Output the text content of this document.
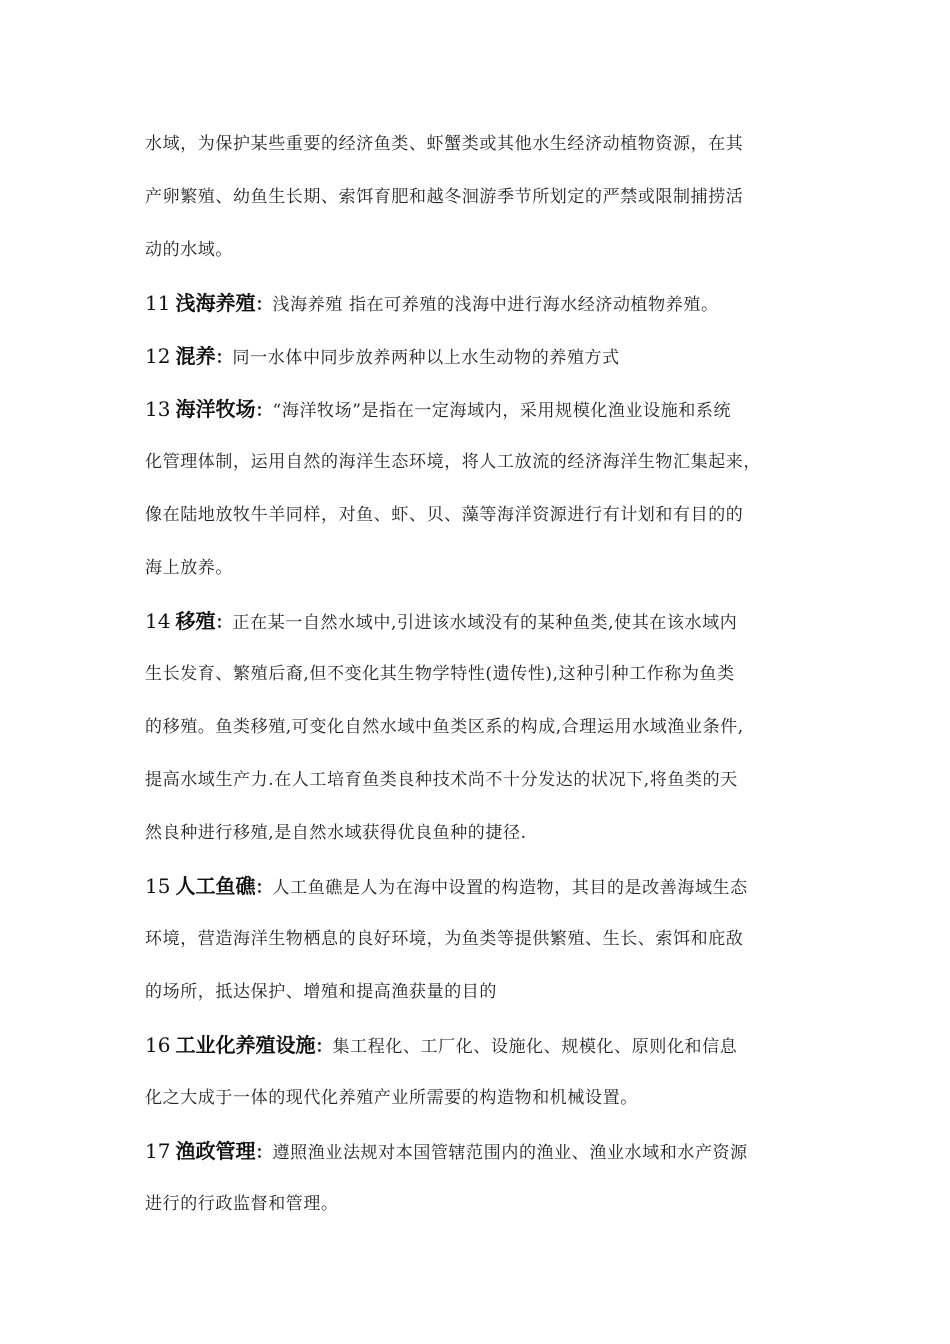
水域，为保护某些重要的经济鱼类、虾蟹类或其他水生经济动植物资源，在其
产卵繁殖、幼鱼生长期、索饵育肥和越冬洄游季节所划定的严禁或限制捕捞活
动的水域。
11 浅海养殖：浅海养殖 指在可养殖的浅海中进行海水经济动植物养殖。
12 混养：同一水体中同步放养两种以上水生动物的养殖方式
13 海洋牧场：“海洋牧场”是指在一定海域内，采用规模化渔业设施和系统
化管理体制，运用自然的海洋生态环境，将人工放流的经济海洋生物汇集起来，
像在陆地放牧牛羊同样，对鱼、虾、贝、藻等海洋资源进行有计划和有目的的
海上放养。
14 移殖：正在某一自然水域中,引进该水域没有的某种鱼类,使其在该水域内
生长发育、繁殖后裔,但不变化其生物学特性(遗传性),这种引种工作称为鱼类
的移殖。鱼类移殖,可变化自然水域中鱼类区系的构成,合理运用水域渔业条件,
提高水域生产力.在人工培育鱼类良种技术尚不十分发达的状况下,将鱼类的天
然良种进行移殖,是自然水域获得优良鱼种的捷径.
15 人工鱼礁：人工鱼礁是人为在海中设置的构造物，其目的是改善海域生态
环境，营造海洋生物栖息的良好环境，为鱼类等提供繁殖、生长、索饵和庇敌
的场所，抵达保护、增殖和提高渔获量的目的
16 工业化养殖设施：集工程化、工厂化、设施化、规模化、原则化和信息
化之大成于一体的现代化养殖产业所需要的构造物和机械设置。
17 渔政管理：遵照渔业法规对本国管辖范围内的渔业、渔业水域和水产资源
进行的行政监督和管理。
